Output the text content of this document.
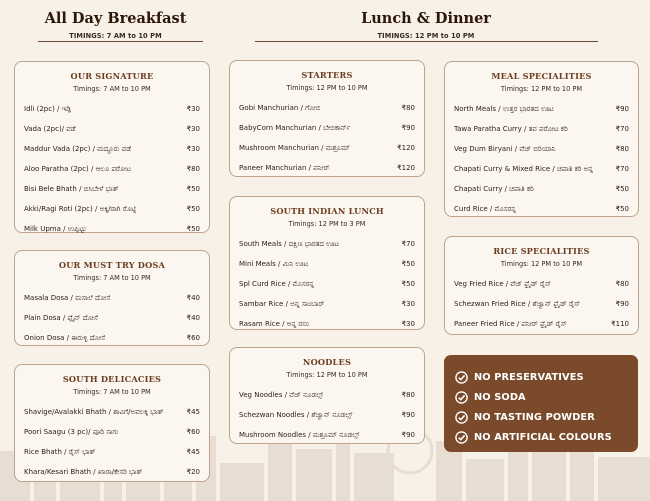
All Day Breakfast
TIMINGS: 7 AM to 10 PM
Lunch & Dinner
TIMINGS: 12 PM to 10 PM
OUR SIGNATURE
Timings: 7 AM to 10 PM
Idli (2pc) / ಇಡ್ಲಿ	₹30
Vada (2pc)/ ವಡೆ	₹30
Maddur Vada (2pc) / ಮದ್ದೂರು ವಡೆ	₹30
Aloo Paratha (2pc) / ಆಲೂ ಪರೋಟ	₹80
Bisi Bele Bhath / ಬಿಸಿಬೇಳೆ ಭಾತ್	₹50
Akki/Ragi Roti (2pc) / ಅಕ್ಕಿ/ರಾಗಿ ರೊಟ್ಟಿ	₹50
Milk Upma / ಉಪ್ಪಿಟ್ಟು	₹50
OUR MUST TRY DOSA
Timings: 7 AM to 10 PM
Masala Dosa / ಮಸಾಲೆ ದೋಸೆ	₹40
Plain Dosa / ಪ್ಲೈನ್ ದೋಸೆ	₹40
Onion Dosa / ಈರುಳ್ಳಿ ದೋಸೆ	₹60
SOUTH DELICACIES
Timings: 7 AM to 10 PM
Shavige/Avalakki Bhath / ಶಾವಿಗೆ/ಅವಲಕ್ಕಿ ಭಾತ್	₹45
Poori Saagu (3 pc)/ ಪೂರಿ ಸಾಗು	₹60
Rice Bhath / ರೈಸ್ ಭಾತ್	₹45
Khara/Kesari Bhath / ಖಾರಾ/ಕೇಸರಿ ಭಾತ್	₹20
STARTERS
Timings: 12 PM to 10 PM
Gobi Manchurian / ಗೋಬಿ	₹80
BabyCorn Manchurian / ಬೇಬಿಕಾರ್ನ್	₹90
Mushroom Manchurian / ಮಶ್ರೂಮ್	₹120
Paneer Manchurian / ಪನೀರ್	₹120
SOUTH INDIAN LUNCH
Timings: 12 PM to 3 PM
South Meals / ದಕ್ಷಿಣ ಭಾರತದ ಊಟ	₹70
Mini Meals / ಮಿನಿ ಊಟ	₹50
Spl Curd Rice / ಮೊಸರನ್ನ	₹50
Sambar Rice / ಅನ್ನ ಸಾಂಬಾರ್	₹30
Rasam Rice / ಅನ್ನ ರಸಂ	₹30
NOODLES
Timings: 12 PM to 10 PM
Veg Noodles / ವೆಜ್ ನೂಡಲ್ಸ್	₹80
Schezwan Noodles / ಶೆಜ್ವಾನ್ ನೂಡಲ್ಸ್	₹90
Mushroom Noodles / ಮಶ್ರೂಮ್ ನೂಡಲ್ಸ್	₹90
MEAL SPECIALITIES
Timings: 12 PM to 10 PM
North Meals / ಉತ್ತರ ಭಾರತದ ಊಟ	₹90
Tawa Paratha Curry / ತವ ಪರೋಟ ಕರಿ	₹70
Veg Dum Biryani / ವೆಜ್ ಬಿರಿಯಾನಿ	₹80
Chapati Curry & Mixed Rice / ಚಪಾತಿ ಕರಿ ಅನ್ನ	₹70
Chapati Curry / ಚಪಾತಿ ಕರಿ	₹50
Curd Rice / ಮೊಸರನ್ನ	₹50
RICE SPECIALITIES
Timings: 12 PM to 10 PM
Veg Fried Rice / ವೆಜ್ ಫ್ರೈಡ್ ರೈಸ್	₹80
Schezwan Fried Rice / ಶೆಜ್ವಾನ್ ಫ್ರೈಡ್ ರೈಸ್	₹90
Paneer Fried Rice / ಪನೀರ್ ಫ್ರೈಡ್ ರೈಸ್	₹110
NO PRESERVATIVES
NO SODA
NO TASTING POWDER
NO ARTIFICIAL COLOURS
